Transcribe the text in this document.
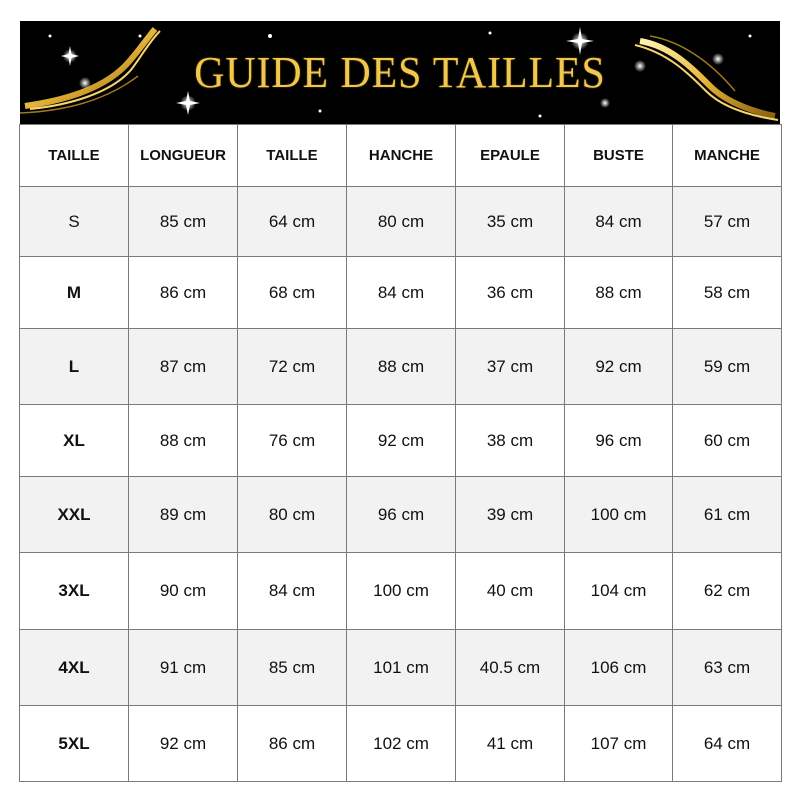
GUIDE DES TAILLES
TAILLE	LONGUEUR	TAILLE	HANCHE	EPAULE	BUSTE	MANCHE
S	85 cm	64 cm	80 cm	35 cm	84 cm	57 cm
M	86 cm	68 cm	84 cm	36 cm	88 cm	58 cm
L	87 cm	72 cm	88 cm	37 cm	92 cm	59 cm
XL	88 cm	76 cm	92 cm	38 cm	96 cm	60 cm
XXL	89 cm	80 cm	96 cm	39 cm	100 cm	61 cm
3XL	90 cm	84 cm	100 cm	40 cm	104 cm	62 cm
4XL	91 cm	85 cm	101 cm	40.5 cm	106 cm	63 cm
5XL	92 cm	86 cm	102 cm	41 cm	107 cm	64 cm
